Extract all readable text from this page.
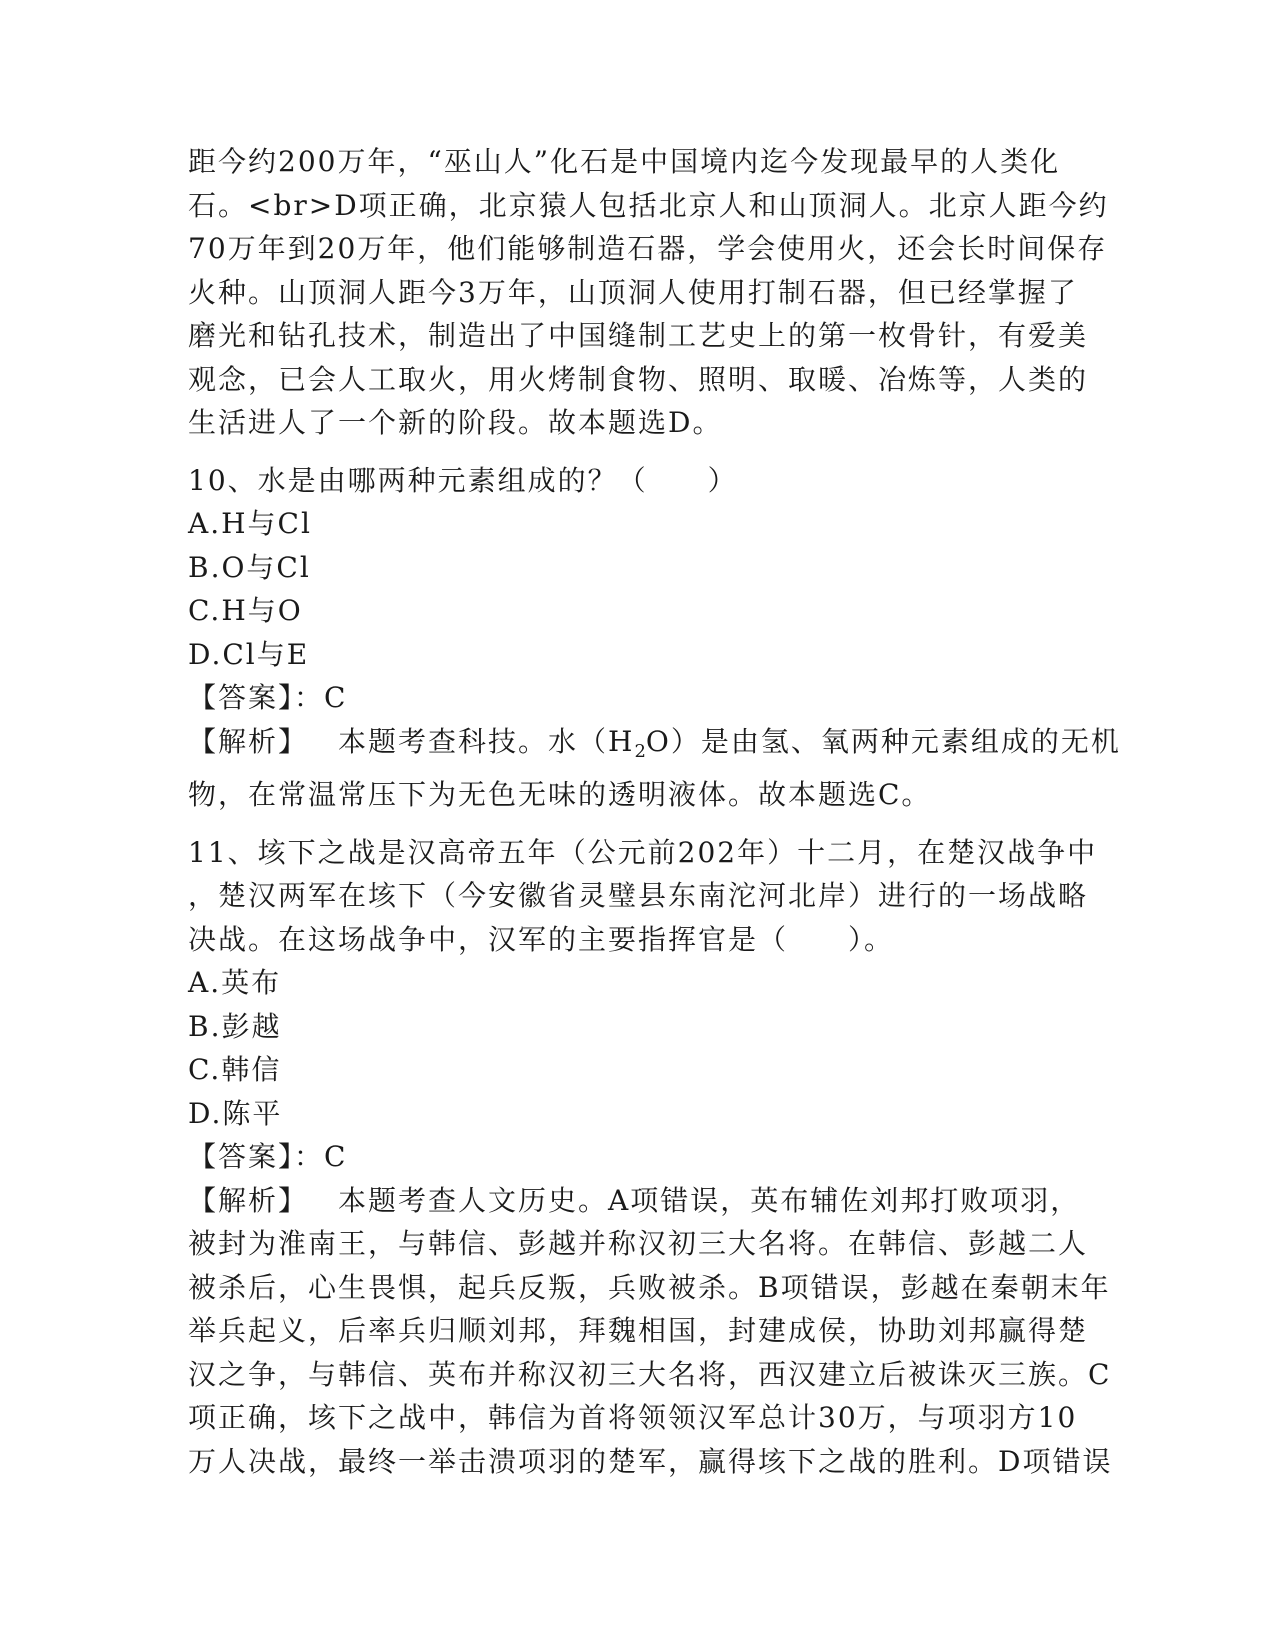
距今约200万年，“巫山人”化石是中国境内迄今发现最早的人类化
石。<br>D项正确，北京猿人包括北京人和山顶洞人。北京人距今约
70万年到20万年，他们能够制造石器，学会使用火，还会长时间保存
火种。山顶洞人距今3万年，山顶洞人使用打制石器，但已经掌握了
磨光和钻孔技术，制造出了中国缝制工艺史上的第一枚骨针，有爱美
观念，已会人工取火，用火烤制食物、照明、取暖、冶炼等，人类的
生活进人了一个新的阶段。故本题选D。
10、水是由哪两种元素组成的？（　　）
A.H与Cl
B.O与Cl
C.H与O
D.Cl与E
【答案】：C
【解析】 本题考查科技。水$(H_2O)$是由氢、氧两种元素组成的无机
物，在常温常压下为无色无味的透明液体。故本题选C。
11、垓下之战是汉高帝五年（公元前202年）十二月，在楚汉战争中
，楚汉两军在垓下（今安徽省灵璧县东南沱河北岸）进行的一场战略
决战。在这场战争中，汉军的主要指挥官是（　　）。
A.英布
B.彭越
C.韩信
D.陈平
【答案】：C
【解析】 本题考查人文历史。A项错误，英布辅佐刘邦打败项羽，
被封为淮南王，与韩信、彭越并称汉初三大名将。在韩信、彭越二人
被杀后，心生畏惧，起兵反叛，兵败被杀。B项错误，彭越在秦朝末年
举兵起义，后率兵归顺刘邦，拜魏相国，封建成侯，协助刘邦赢得楚
汉之争，与韩信、英布并称汉初三大名将，西汉建立后被诛灭三族。C
项正确，垓下之战中，韩信为首将领领汉军总计30万，与项羽方10
万人决战，最终一举击溃项羽的楚军，赢得垓下之战的胜利。D项错误
